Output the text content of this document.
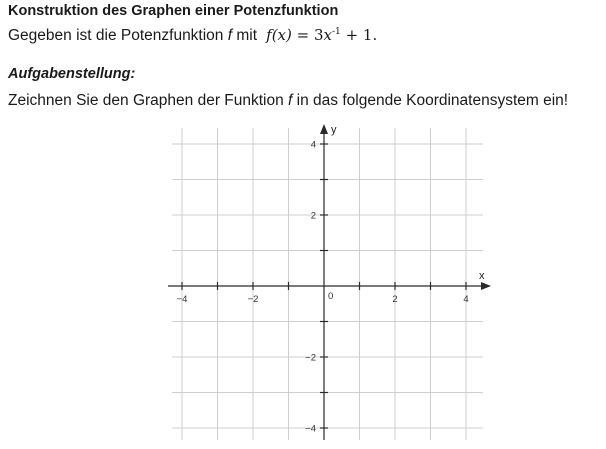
Konstruktion des Graphen einer Potenzfunktion
Gegeben ist die Potenzfunktion f mit $f(x) = 3x^{-1} + 1$.
Aufgabenstellung:
Zeichnen Sie den Graphen der Funktion f in das folgende Koordinatensystem ein!
−4	−2	2	4
4
2
−2
−4
x
y
0
